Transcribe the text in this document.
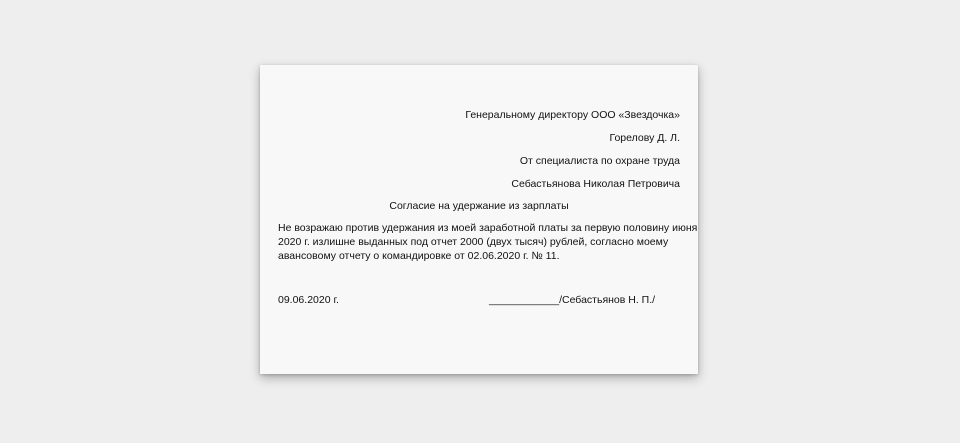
Генеральному директору ООО «Звездочка»
Горелову Д. Л.
От специалиста по охране труда
Себастьянова Николая Петровича
Согласие на удержание из зарплаты
Не возражаю против удержания из моей заработной платы за первую половину июня
2020 г. излишне выданных под отчет 2000 (двух тысяч) рублей, согласно моему
авансовому отчету о командировке от 02.06.2020 г. № 11.
09.06.2020 г.	____________/Себастьянов Н. П./
